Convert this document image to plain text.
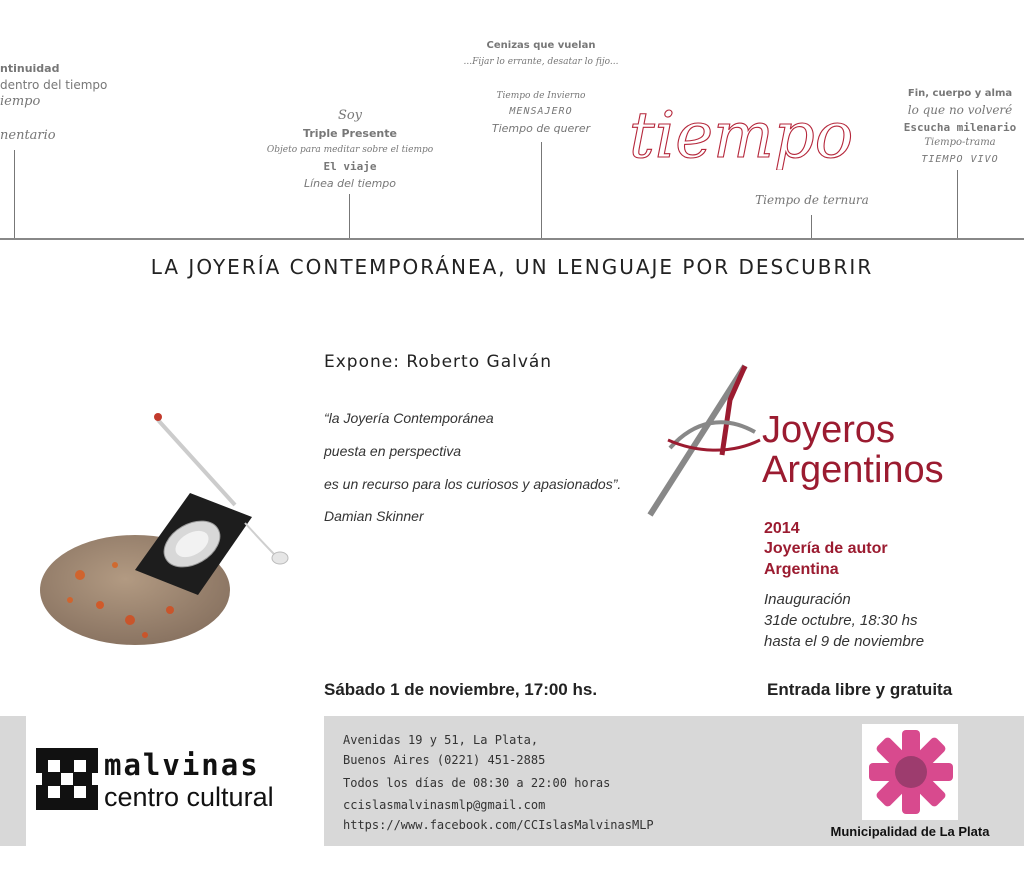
ntinuidad
dentro del tiempo
iempo
nentario
Soy
Triple Presente
Objeto para meditar sobre el tiempo
El viaje
Línea del tiempo
Cenizas que vuelan
...Fijar lo errante, desatar lo fijo...
Tiempo de Invierno
MENSAJERO
Tiempo de querer tiempo
Tiempo de ternura
Fin, cuerpo y alma
lo que no volveré
Escucha milenario
Tiempo-trama
TIEMPO VIVO
LA JOYERÍA CONTEMPORÁNEA, UN LENGUAJE POR DESCUBRIR
Expone: Roberto Galván
“la Joyería Contemporánea
puesta en perspectiva
es un recurso para los curiosos y apasionados”.
Damian Skinner
Joyeros
Argentinos
2014
Joyería de autor
Argentina
Inauguración
31de octubre, 18:30 hs
hasta el 9 de noviembre
Sábado 1 de noviembre, 17:00 hs.	Entrada libre y gratuita
malvinas
centro cultural
Avenidas 19 y 51, La Plata,
Buenos Aires (0221) 451-2885
Todos los días de 08:30 a 22:00 horas
ccislasmalvinasmlp@gmail.com
https://www.facebook.com/CCIslasMalvinasMLP	Municipalidad de La Plata
